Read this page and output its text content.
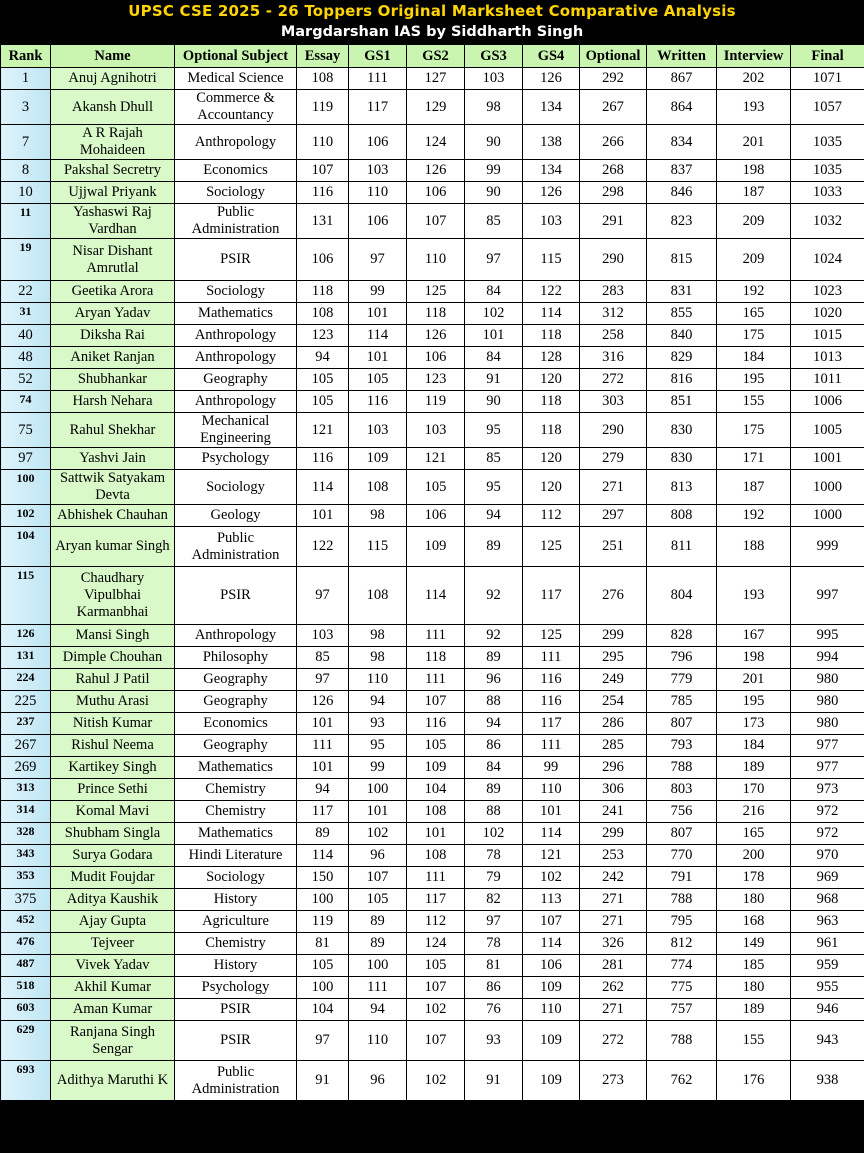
UPSC CSE 2025 - 26 Toppers Original Marksheet Comparative Analysis
Margdarshan IAS by Siddharth Singh
Rank	Name	Optional Subject	Essay	GS1	GS2	GS3	GS4	Optional	Written	Interview	Final
1	Anuj Agnihotri	Medical Science	108	111	127	103	126	292	867	202	1071
3	Akansh Dhull	Commerce & Accountancy	119	117	129	98	134	267	864	193	1057
7	A R Rajah Mohaideen	Anthropology	110	106	124	90	138	266	834	201	1035
8	Pakshal Secretry	Economics	107	103	126	99	134	268	837	198	1035
10	Ujjwal Priyank	Sociology	116	110	106	90	126	298	846	187	1033

11	Yashaswi Raj Vardhan	Public Administration	131	106	107	85	103	291	823	209	1032

19	Nisar Dishant Amrutlal	PSIR	106	97	110	97	115	290	815	209	1024
22	Geetika Arora	Sociology	118	99	125	84	122	283	831	192	1023

31	Aryan Yadav	Mathematics	108	101	118	102	114	312	855	165	1020
40	Diksha Rai	Anthropology	123	114	126	101	118	258	840	175	1015
48	Aniket Ranjan	Anthropology	94	101	106	84	128	316	829	184	1013
52	Shubhankar	Geography	105	105	123	91	120	272	816	195	1011

74	Harsh Nehara	Anthropology	105	116	119	90	118	303	851	155	1006
75	Rahul Shekhar	Mechanical Engineering	121	103	103	95	118	290	830	175	1005
97	Yashvi Jain	Psychology	116	109	121	85	120	279	830	171	1001

100	Sattwik Satyakam Devta	Sociology	114	108	105	95	120	271	813	187	1000

102	Abhishek Chauhan	Geology	101	98	106	94	112	297	808	192	1000

104	Aryan kumar Singh	Public Administration	122	115	109	89	125	251	811	188	999

115	Chaudhary Vipulbhai Karmanbhai	PSIR	97	108	114	92	117	276	804	193	997

126	Mansi Singh	Anthropology	103	98	111	92	125	299	828	167	995

131	Dimple Chouhan	Philosophy	85	98	118	89	111	295	796	198	994

224	Rahul J Patil	Geography	97	110	111	96	116	249	779	201	980
225	Muthu Arasi	Geography	126	94	107	88	116	254	785	195	980

237	Nitish Kumar	Economics	101	93	116	94	117	286	807	173	980
267	Rishul Neema	Geography	111	95	105	86	111	285	793	184	977
269	Kartikey Singh	Mathematics	101	99	109	84	99	296	788	189	977

313	Prince Sethi	Chemistry	94	100	104	89	110	306	803	170	973

314	Komal Mavi	Chemistry	117	101	108	88	101	241	756	216	972

328	Shubham Singla	Mathematics	89	102	101	102	114	299	807	165	972

343	Surya Godara	Hindi Literature	114	96	108	78	121	253	770	200	970

353	Mudit Foujdar	Sociology	150	107	111	79	102	242	791	178	969
375	Aditya Kaushik	History	100	105	117	82	113	271	788	180	968

452	Ajay Gupta	Agriculture	119	89	112	97	107	271	795	168	963

476	Tejveer	Chemistry	81	89	124	78	114	326	812	149	961

487	Vivek Yadav	History	105	100	105	81	106	281	774	185	959

518	Akhil Kumar	Psychology	100	111	107	86	109	262	775	180	955

603	Aman Kumar	PSIR	104	94	102	76	110	271	757	189	946

629	Ranjana Singh Sengar	PSIR	97	110	107	93	109	272	788	155	943

693	Adithya Maruthi K	Public Administration	91	96	102	91	109	273	762	176	938
